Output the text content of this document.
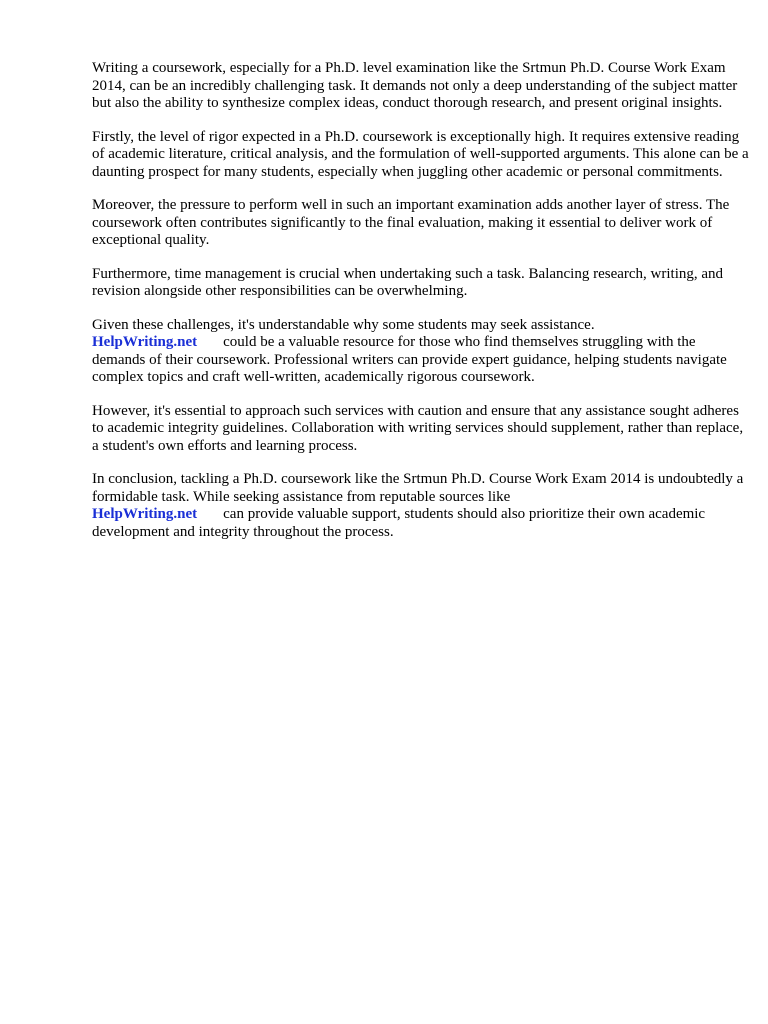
Writing a coursework, especially for a Ph.D. level examination like the Srtmun Ph.D. Course Work Exam 2014, can be an incredibly challenging task. It demands not only a deep understanding of the subject matter but also the ability to synthesize complex ideas, conduct thorough research, and present original insights.

Firstly, the level of rigor expected in a Ph.D. coursework is exceptionally high. It requires extensive reading of academic literature, critical analysis, and the formulation of well-supported arguments. This alone can be a daunting prospect for many students, especially when juggling other academic or personal commitments.

Moreover, the pressure to perform well in such an important examination adds another layer of stress. The coursework often contributes significantly to the final evaluation, making it essential to deliver work of exceptional quality.

Furthermore, time management is crucial when undertaking such a task. Balancing research, writing, and revision alongside other responsibilities can be overwhelming.

Given these challenges, it's understandable why some students may seek assistance.
HelpWriting.net could be a valuable resource for those who find themselves struggling with the demands of their coursework. Professional writers can provide expert guidance, helping students navigate complex topics and craft well-written, academically rigorous coursework.

However, it's essential to approach such services with caution and ensure that any assistance sought adheres to academic integrity guidelines. Collaboration with writing services should supplement, rather than replace, a student's own efforts and learning process.

In conclusion, tackling a Ph.D. coursework like the Srtmun Ph.D. Course Work Exam 2014 is undoubtedly a formidable task. While seeking assistance from reputable sources like
HelpWriting.net can provide valuable support, students should also prioritize their own academic development and integrity throughout the process.
